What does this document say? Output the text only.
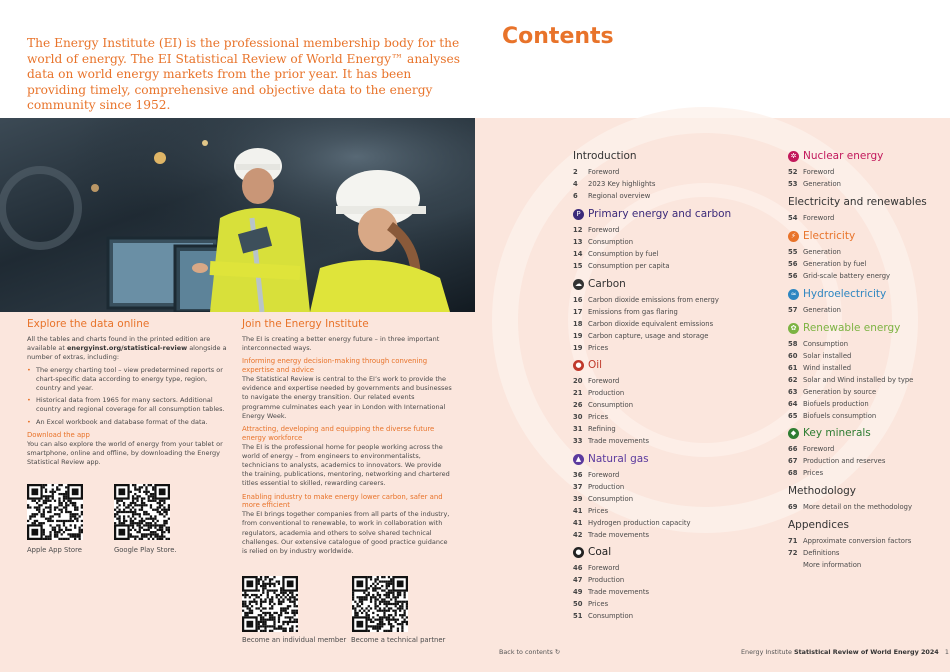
The Energy Institute (EI) is the professional membership body for the world of energy. The EI Statistical Review of World Energy™ analyses data on world energy markets from the prior year. It has been providing timely, comprehensive and objective data to the energy community since 1952.
Explore the data online
All the tables and charts found in the printed edition are available at energyinst.org/statistical-review alongside a number of extras, including:
• The energy charting tool – view predetermined reports or chart-specific data according to energy type, region, country and year.
• Historical data from 1965 for many sectors. Additional country and regional coverage for all consumption tables.
• An Excel workbook and database format of the data.
Download the app
You can also explore the world of energy from your tablet or smartphone, online and offline, by downloading the Energy Statistical Review app.
Apple App Store	Google Play Store.
Join the Energy Institute
The EI is creating a better energy future – in three important interconnected ways.
Informing energy decision-making through convening expertise and advice
The Statistical Review is central to the EI’s work to provide the evidence and expertise needed by governments and businesses to navigate the energy transition. Our related events programme culminates each year in London with International Energy Week.
Attracting, developing and equipping the diverse future energy workforce
The EI is the professional home for people working across the world of energy – from engineers to environmentalists, technicians to analysts, academics to innovators. We provide the training, publications, mentoring, networking and chartered titles essential to skilled, rewarding careers.
Enabling industry to make energy lower carbon, safer and more efficient
The EI brings together companies from all parts of the industry, from conventional to renewable, to work in collaboration with regulators, academia and others to solve shared technical challenges. Our extensive catalogue of good practice guidance is relied on by industry worldwide.
Become an individual member Become a technical partner
Contents
Introduction
2 Foreword
4 2023 Key highlights
6 Regional overview
P Primary energy and carbon
12 Foreword
13 Consumption
14 Consumption by fuel
15 Consumption per capita
☁ Carbon
16 Carbon dioxide emissions from energy
17 Emissions from gas flaring
18 Carbon dioxide equivalent emissions
19 Carbon capture, usage and storage
19 Prices
● Oil
20 Foreword
21 Production
26 Consumption
30 Prices
31 Refining
33 Trade movements
▲ Natural gas
36 Foreword
37 Production
39 Consumption
41 Prices
41 Hydrogen production capacity
42 Trade movements
● Coal
46 Foreword
47 Production
49 Trade movements
50 Prices
51 Consumption
✲ Nuclear energy
52 Foreword
53 Generation
Electricity and renewables
54 Foreword
⚡ Electricity
55 Generation
56 Generation by fuel
56 Grid-scale battery energy
≈ Hydroelectricity
57 Generation
✿ Renewable energy
58 Consumption
60 Solar installed
61 Wind installed
62 Solar and Wind installed by type
63 Generation by source
64 Biofuels production
65 Biofuels consumption
◆ Key minerals
66 Foreword
67 Production and reserves
68 Prices
Methodology
69 More detail on the methodology
Appendices
71 Approximate conversion factors
72 Definitions
More information
Back to contents ↻	Energy Institute Statistical Review of World Energy 2024 1
